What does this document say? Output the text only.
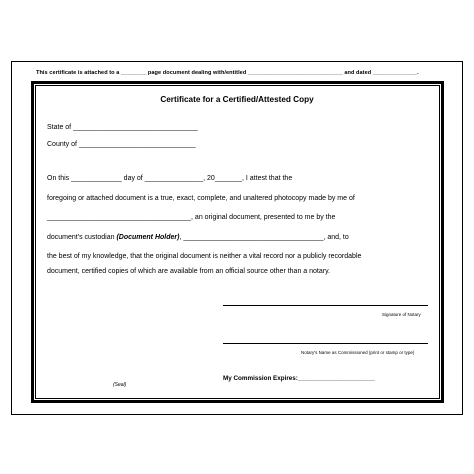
This certificate is attached to a ________ page document dealing with/entitled ______________________________ and dated ______________.
Certificate for a Certified/Attested Copy
State of ________________________________
County of ______________________________
On this _____________ day of _______________, 20_______, I attest that the
foregoing or attached document is a true, exact, complete, and unaltered photocopy made by me of
_____________________________________, an original document, presented to me by the
document's custodian (Document Holder), ____________________________________, and, to
the best of my knowledge, that the original document is neither a vital record nor a publicly recordable
document, certified copies of which are available from an official source other than a notary.
Signature of Notary
Notary's Name as Commissioned (print or stamp or type)
My Commission Expires:______________________
(Seal)
